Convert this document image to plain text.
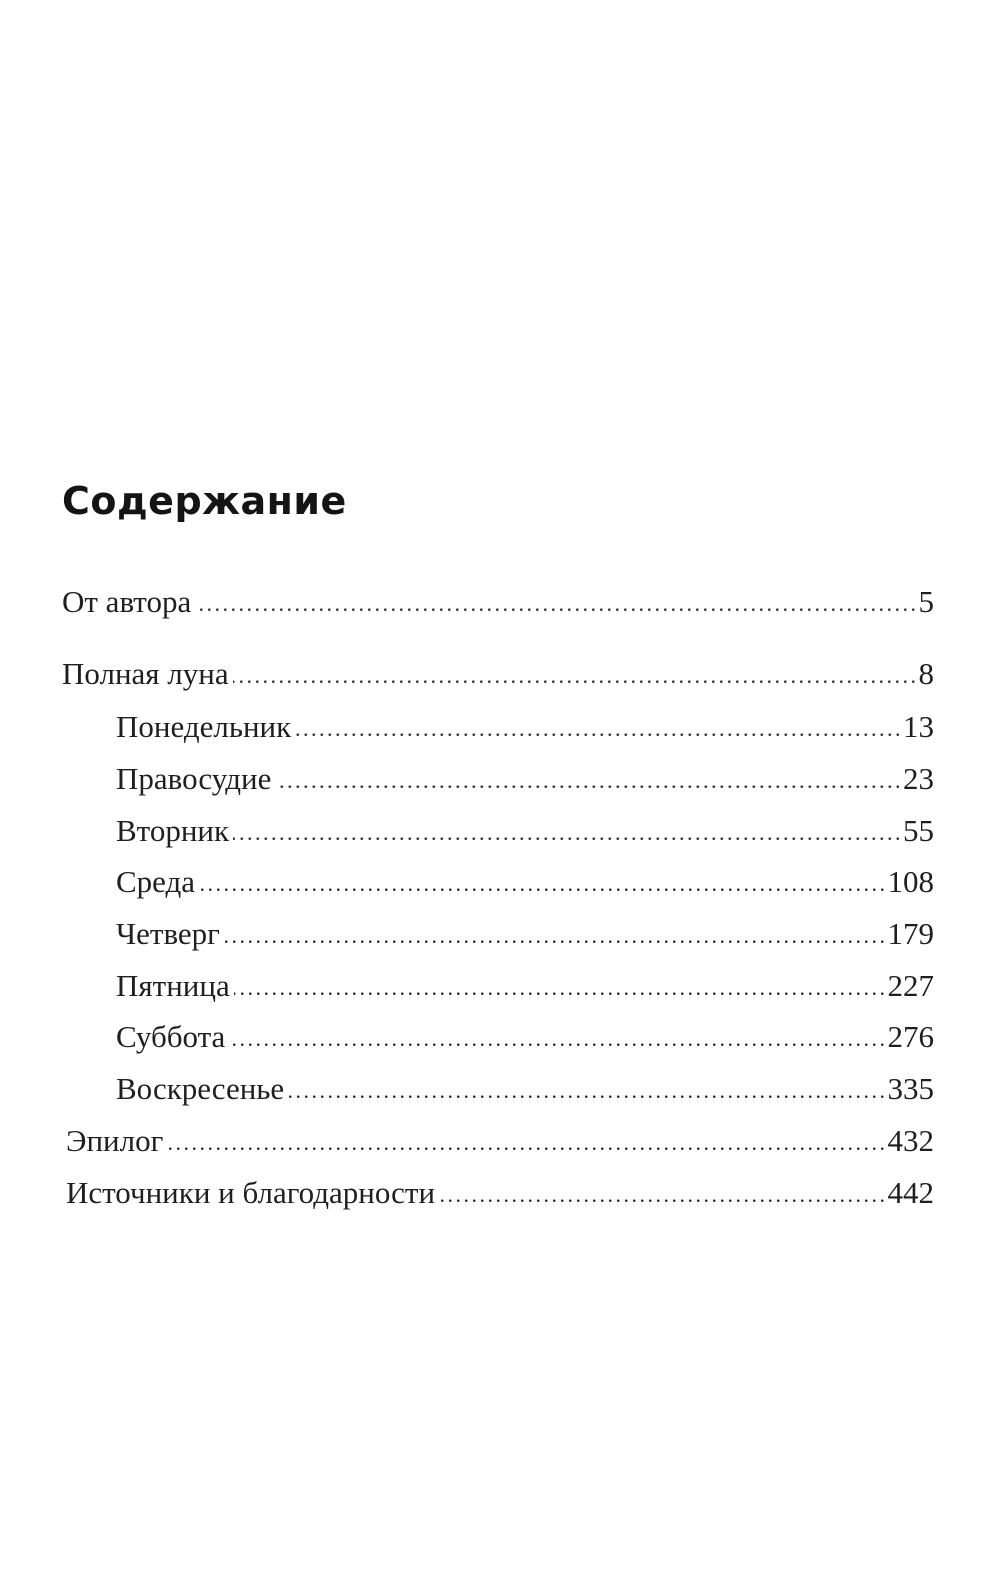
Содержание
От автора . . .	5
Полная луна . . .	8
Понедельник . . .	13
Правосудие . . .	23
Вторник . . .	55
Среда . . .	108
Четверг . . .	179
Пятница . . .	227
Суббота . . .	276
Воскресенье . . .	335
Эпилог . . .	432
Источники и благодарности . . .	442
